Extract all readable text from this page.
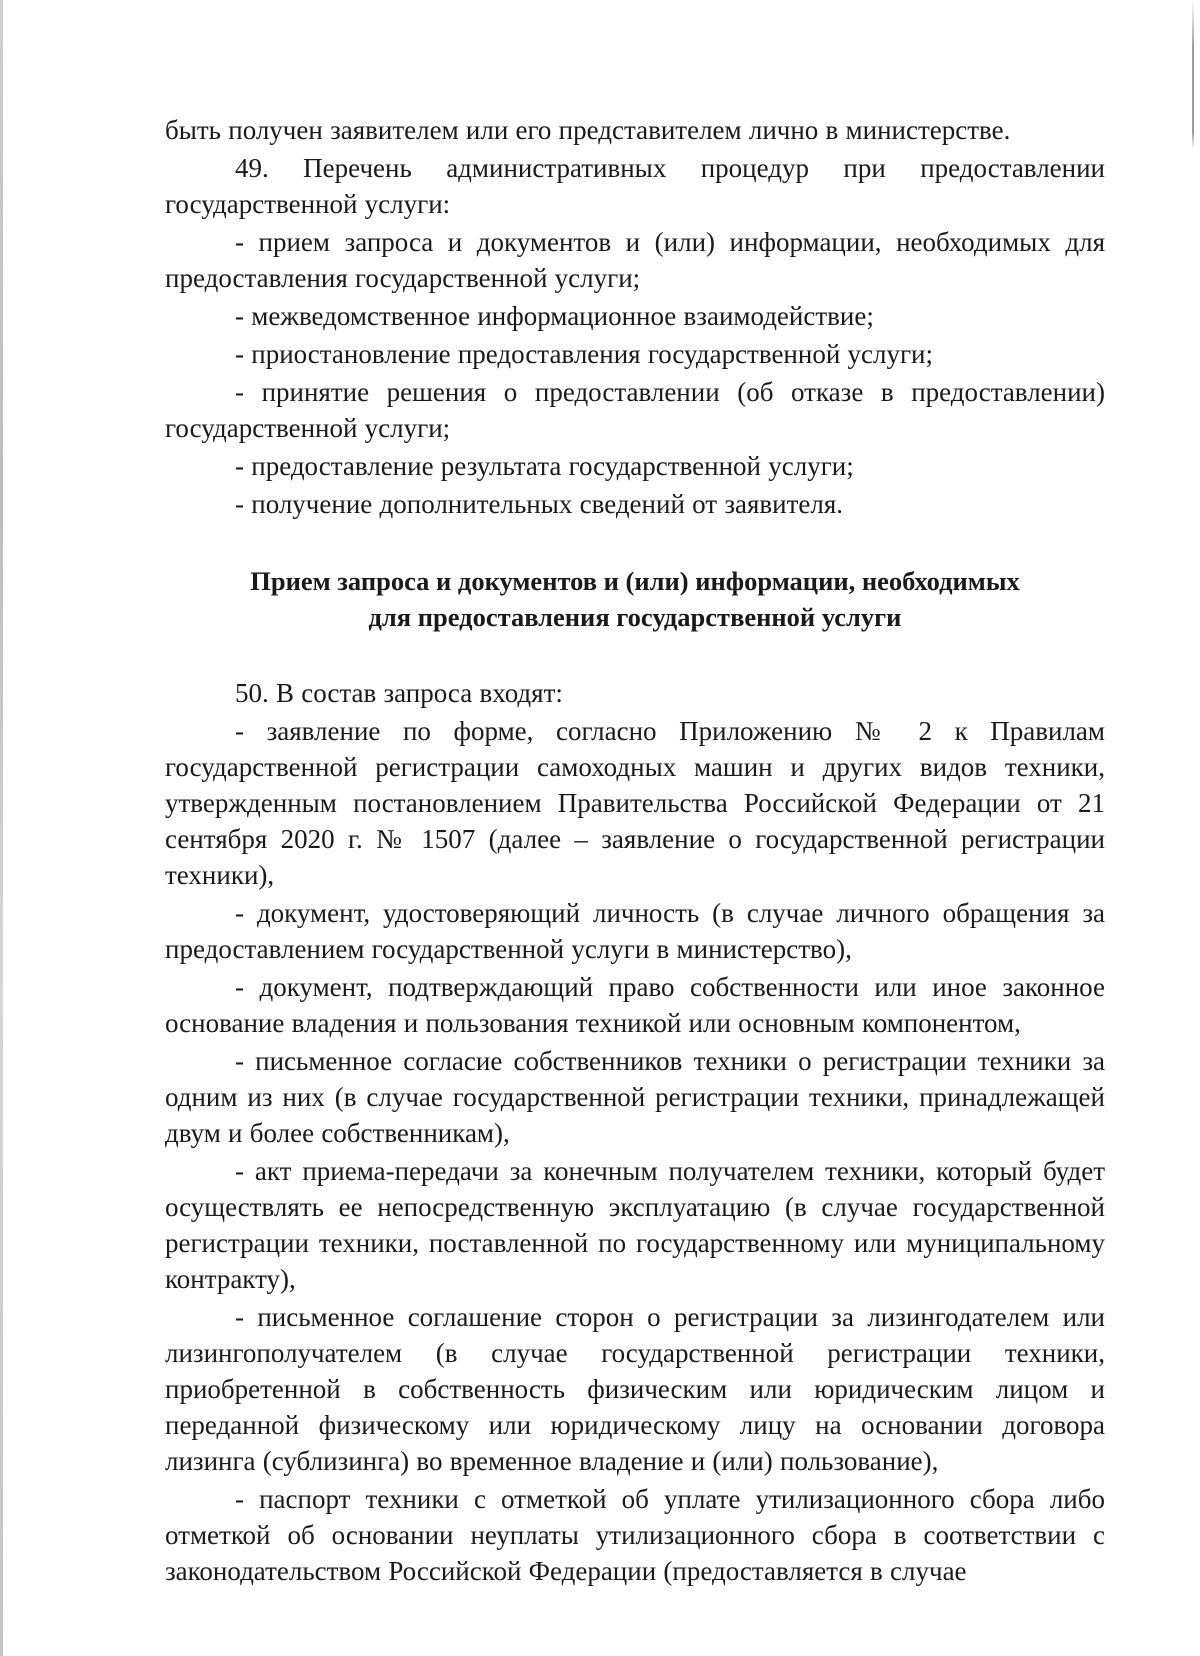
быть получен заявителем или его представителем лично в министерстве.

49. Перечень административных процедур при предоставлении государственной услуги:

- прием запроса и документов и (или) информации, необходимых для предоставления государственной услуги;

- межведомственное информационное взаимодействие;

- приостановление предоставления государственной услуги;

- принятие решения о предоставлении (об отказе в предоставлении) государственной услуги;

- предоставление результата государственной услуги;

- получение дополнительных сведений от заявителя.

Прием запроса и документов и (или) информации, необходимых
для предоставления государственной услуги

50. В состав запроса входят:

- заявление по форме, согласно Приложению № 2 к Правилам государственной регистрации самоходных машин и других видов техники, утвержденным постановлением Правительства Российской Федерации от 21 сентября 2020 г. № 1507 (далее – заявление о государственной регистрации техники),

- документ, удостоверяющий личность (в случае личного обращения за предоставлением государственной услуги в министерство),

- документ, подтверждающий право собственности или иное законное основание владения и пользования техникой или основным компонентом,

- письменное согласие собственников техники о регистрации техники за одним из них (в случае государственной регистрации техники, принадлежащей двум и более собственникам),

- акт приема-передачи за конечным получателем техники, который будет осуществлять ее непосредственную эксплуатацию (в случае государственной регистрации техники, поставленной по государственному или муниципальному контракту),

- письменное соглашение сторон о регистрации за лизингодателем или лизингополучателем (в случае государственной регистрации техники, приобретенной в собственность физическим или юридическим лицом и переданной физическому или юридическому лицу на основании договора лизинга (сублизинга) во временное владение и (или) пользование),

- паспорт техники с отметкой об уплате утилизационного сбора либо отметкой об основании неуплаты утилизационного сбора в соответствии с законодательством Российской Федерации (предоставляется в случае
